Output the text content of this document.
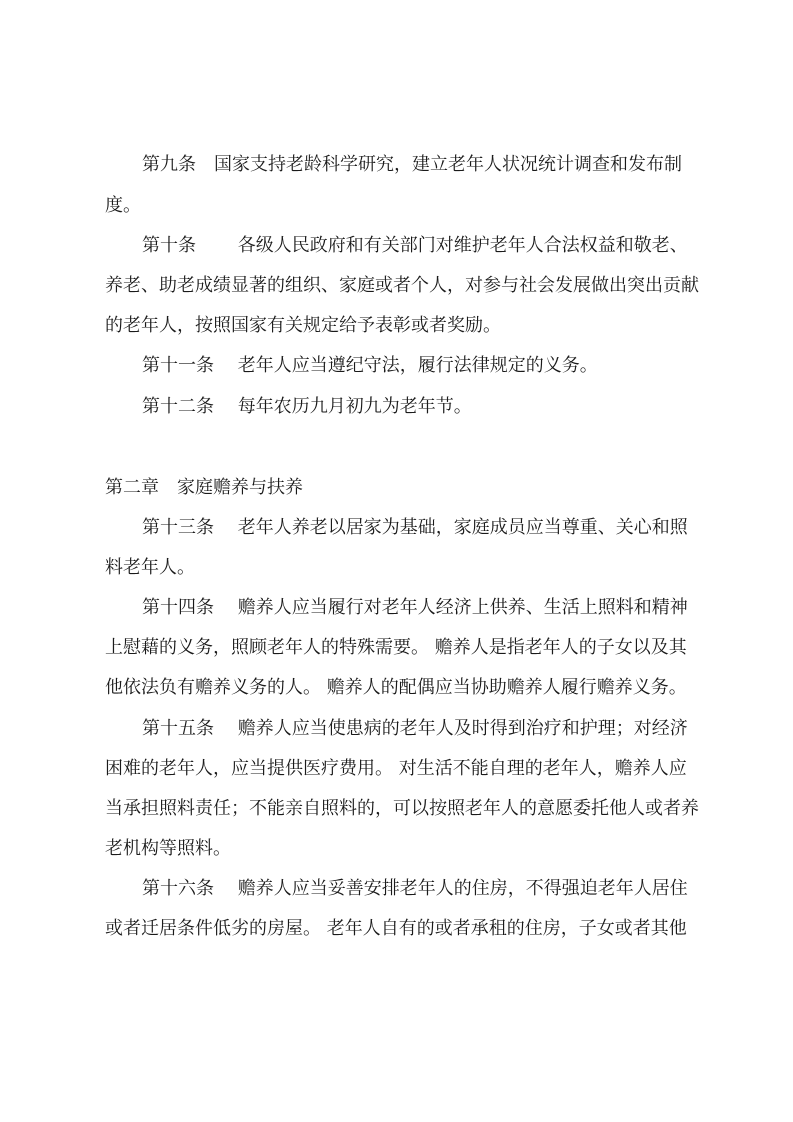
第九条　国家支持老龄科学研究，建立老年人状况统计调查和发布制
度。
第十条　　 各级人民政府和有关部门对维护老年人合法权益和敬老、
养老、助老成绩显著的组织、家庭或者个人，对参与社会发展做出突出贡献
的老年人，按照国家有关规定给予表彰或者奖励。
第十一条　 老年人应当遵纪守法，履行法律规定的义务。
第十二条　 每年农历九月初九为老年节。
第二章　家庭赡养与扶养
第十三条　 老年人养老以居家为基础，家庭成员应当尊重、关心和照
料老年人。
第十四条　 赡养人应当履行对老年人经济上供养、生活上照料和精神
上慰藉的义务，照顾老年人的特殊需要。 赡养人是指老年人的子女以及其
他依法负有赡养义务的人。 赡养人的配偶应当协助赡养人履行赡养义务。
第十五条　 赡养人应当使患病的老年人及时得到治疗和护理；对经济
困难的老年人，应当提供医疗费用。 对生活不能自理的老年人，赡养人应
当承担照料责任；不能亲自照料的，可以按照老年人的意愿委托他人或者养
老机构等照料。
第十六条　 赡养人应当妥善安排老年人的住房，不得强迫老年人居住
或者迁居条件低劣的房屋。 老年人自有的或者承租的住房，子女或者其他
